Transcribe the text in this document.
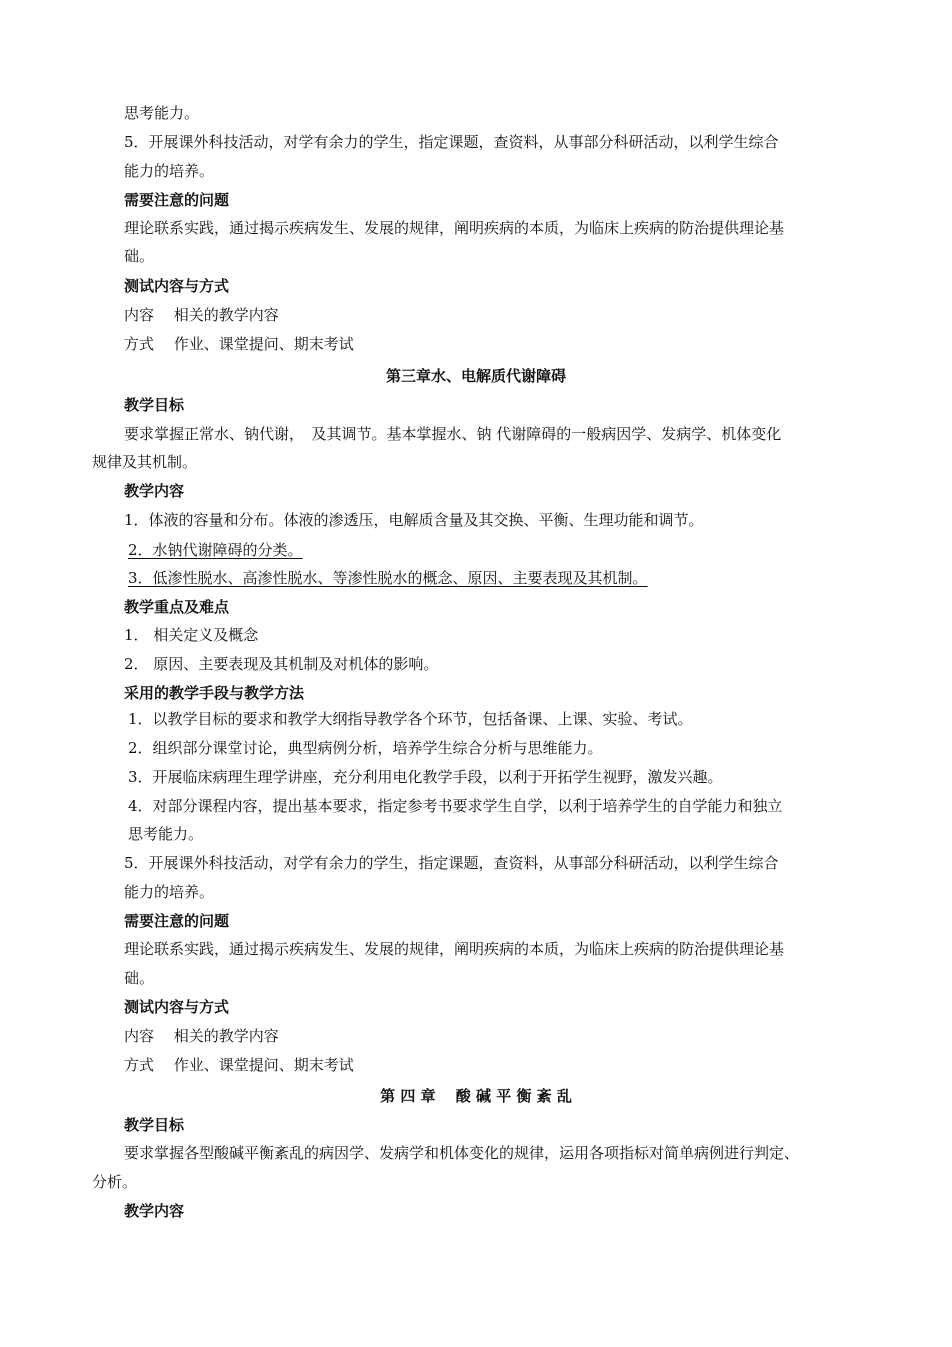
思考能力。
5．开展课外科技活动，对学有余力的学生，指定课题，查资料，从事部分科研活动，以利学生综合
能力的培养。
需要注意的问题
理论联系实践，通过揭示疾病发生、发展的规律，阐明疾病的本质，为临床上疾病的防治提供理论基
础。
测试内容与方式
内容　 相关的教学内容
方式　 作业、课堂提问、期末考试
第三章水、电解质代谢障碍
教学目标
要求掌握正常水、钠代谢，　及其调节。基本掌握水、钠 代谢障碍的一般病因学、发病学、机体变化
规律及其机制。
教学内容
1．体液的容量和分布。体液的渗透压，电解质含量及其交换、平衡、生理功能和调节。
2．水钠代谢障碍的分类。
3．低渗性脱水、高渗性脱水、等渗性脱水的概念、原因、主要表现及其机制。
教学重点及难点
1． 相关定义及概念
2． 原因、主要表现及其机制及对机体的影响。
采用的教学手段与教学方法
1．以教学目标的要求和教学大纲指导教学各个环节，包括备课、上课、实验、考试。
2．组织部分课堂讨论，典型病例分析，培养学生综合分析与思维能力。
3．开展临床病理生理学讲座，充分利用电化教学手段，以利于开拓学生视野，激发兴趣。
4．对部分课程内容，提出基本要求，指定参考书要求学生自学，以利于培养学生的自学能力和独立
思考能力。
5．开展课外科技活动，对学有余力的学生，指定课题，查资料，从事部分科研活动，以利学生综合
能力的培养。
需要注意的问题
理论联系实践，通过揭示疾病发生、发展的规律，阐明疾病的本质，为临床上疾病的防治提供理论基
础。
测试内容与方式
内容　 相关的教学内容
方式　 作业、课堂提问、期末考试
第 四 章　 酸 碱 平 衡 紊 乱
教学目标
要求掌握各型酸碱平衡紊乱的病因学、发病学和机体变化的规律，运用各项指标对简单病例进行判定、
分析。
教学内容
